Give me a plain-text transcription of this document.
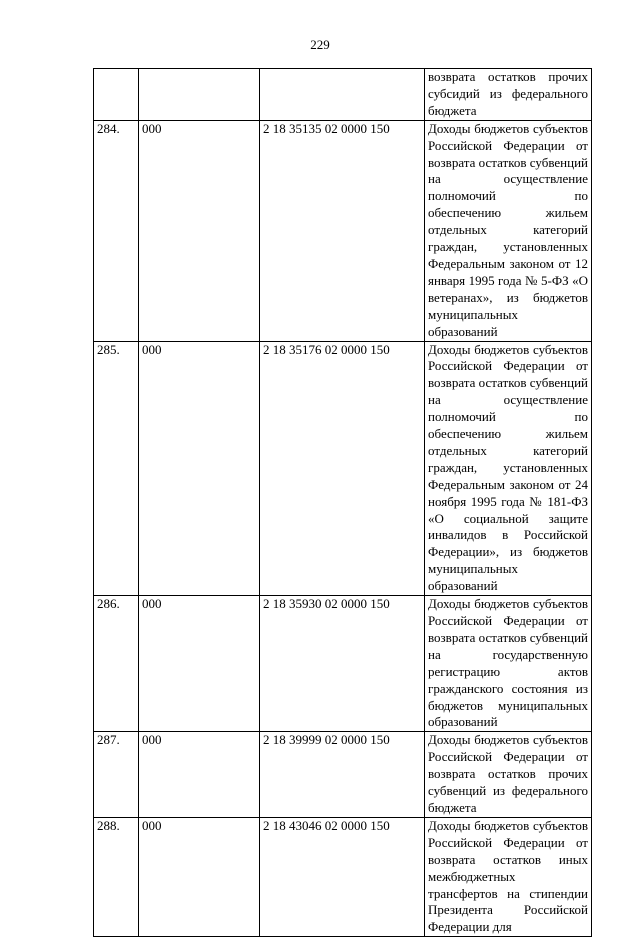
229
			возврата остатков прочих субсидий из федерального бюджета
284.	000	2 18 35135 02 0000 150	Доходы бюджетов субъектов Российской Федерации от возврата остатков субвенций на осуществление полномочий по обеспечению жильем отдельных категорий граждан, установленных Федеральным законом от 12 января 1995 года № 5-ФЗ «О ветеранах», из бюджетов муниципальных образований
285.	000	2 18 35176 02 0000 150	Доходы бюджетов субъектов Российской Федерации от возврата остатков субвенций на осуществление полномочий по обеспечению жильем отдельных категорий граждан, установленных Федеральным законом от 24 ноября 1995 года № 181-ФЗ «О социальной защите инвалидов в Российской Федерации», из бюджетов муниципальных образований
286.	000	2 18 35930 02 0000 150	Доходы бюджетов субъектов Российской Федерации от возврата остатков субвенций на государственную регистрацию актов гражданского состояния из бюджетов муниципальных образований
287.	000	2 18 39999 02 0000 150	Доходы бюджетов субъектов Российской Федерации от возврата остатков прочих субвенций из федерального бюджета
288.	000	2 18 43046 02 0000 150	Доходы бюджетов субъектов Российской Федерации от возврата остатков иных межбюджетных трансфертов на стипендии Президента Российской Федерации для
